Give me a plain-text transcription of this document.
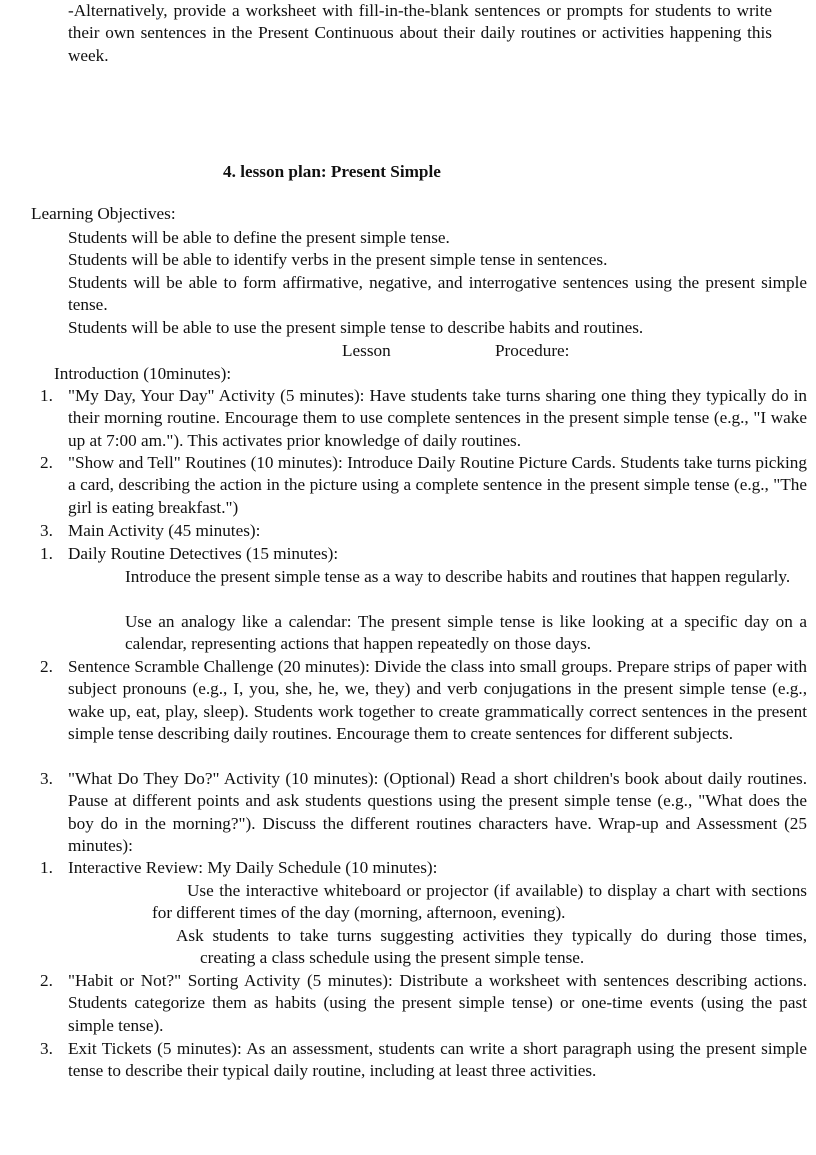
-Alternatively, provide a worksheet with fill-in-the-blank sentences or prompts for students to write their own sentences in the Present Continuous about their daily routines or activities happening this week.
4. lesson plan: Present Simple
Learning Objectives:
Students will be able to define the present simple tense.
Students will be able to identify verbs in the present simple tense in sentences.
Students will be able to form affirmative, negative, and interrogative sentences using the present simple tense.
Students will be able to use the present simple tense to describe habits and routines.
Lesson	Procedure:
Introduction (10minutes):
1. "My Day, Your Day" Activity (5 minutes): Have students take turns sharing one thing they typically do in their morning routine. Encourage them to use complete sentences in the present simple tense (e.g., "I wake up at 7:00 am."). This activates prior knowledge of daily routines.
2. "Show and Tell" Routines (10 minutes): Introduce Daily Routine Picture Cards. Students take turns picking a card, describing the action in the picture using a complete sentence in the present simple tense (e.g., "The girl is eating breakfast.")
3. Main Activity (45 minutes):
1. Daily Routine Detectives (15 minutes):
Introduce the present simple tense as a way to describe habits and routines that happen regularly.
Use an analogy like a calendar: The present simple tense is like looking at a specific day on a calendar, representing actions that happen repeatedly on those days.
2. Sentence Scramble Challenge (20 minutes): Divide the class into small groups. Prepare strips of paper with subject pronouns (e.g., I, you, she, he, we, they) and verb conjugations in the present simple tense (e.g., wake up, eat, play, sleep). Students work together to create grammatically correct sentences in the present simple tense describing daily routines. Encourage them to create sentences for different subjects.
3. "What Do They Do?" Activity (10 minutes): (Optional) Read a short children's book about daily routines. Pause at different points and ask students questions using the present simple tense (e.g., "What does the boy do in the morning?"). Discuss the different routines characters have. Wrap-up and Assessment (25 minutes):
1. Interactive Review: My Daily Schedule (10 minutes):
Use the interactive whiteboard or projector (if available) to display a chart with sections for different times of the day (morning, afternoon, evening).
Ask students to take turns suggesting activities they typically do during those times, creating a class schedule using the present simple tense.
2. "Habit or Not?" Sorting Activity (5 minutes): Distribute a worksheet with sentences describing actions. Students categorize them as habits (using the present simple tense) or one-time events (using the past simple tense).
3. Exit Tickets (5 minutes): As an assessment, students can write a short paragraph using the present simple tense to describe their typical daily routine, including at least three activities.
